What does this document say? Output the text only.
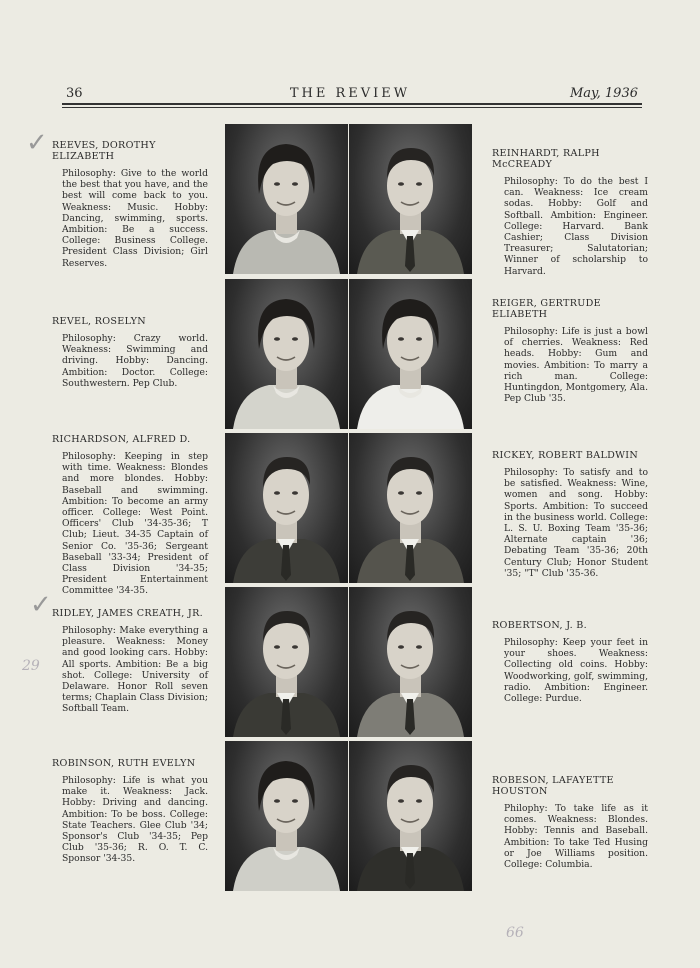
36	THE REVIEW	May, 1936
✓
✓
29
66
REEVES, DOROTHY ELIZABETH
Philosophy: Give to the world the best that you have, and the best will come back to you. Weakness: Music. Hobby: Dancing, swimming, sports. Ambition: Be a success. College: Business College. President Class Division; Girl Reserves.
REVEL, ROSELYN
Philosophy: Crazy world. Weakness: Swimming and driving. Hobby: Dancing. Ambition: Doctor. College: Southwestern. Pep Club.
RICHARDSON, ALFRED D.
Philosophy: Keeping in step with time. Weakness: Blondes and more blondes. Hobby: Baseball and swimming. Ambition: To become an army officer. College: West Point. Officers' Club '34-35-36; T Club; Lieut. 34-35 Captain of Senior Co. '35-36; Sergeant Baseball '33-34; President of Class Division '34-35; President Entertainment Committee '34-35.
RIDLEY, JAMES CREATH, JR.
Philosophy: Make everything a pleasure. Weakness: Money and good looking cars. Hobby: All sports. Ambition: Be a big shot. College: University of Delaware. Honor Roll seven terms; Chaplain Class Division; Softball Team.
ROBINSON, RUTH EVELYN
Philosophy: Life is what you make it. Weakness: Jack. Hobby: Driving and dancing. Ambition: To be boss. College: State Teachers. Glee Club '34; Sponsor's Club '34-35; Pep Club '35-36; R. O. T. C. Sponsor '34-35.
REINHARDT, RALPH McCREADY
Philosophy: To do the best I can. Weakness: Ice cream sodas. Hobby: Golf and Softball. Ambition: Engineer. College: Harvard. Bank Cashier; Class Division Treasurer; Salutatorian; Winner of scholarship to Harvard.
REIGER, GERTRUDE ELIABETH
Philosophy: Life is just a bowl of cherries. Weakness: Red heads. Hobby: Gum and movies. Ambition: To marry a rich man. College: Huntingdon, Montgomery, Ala. Pep Club '35.
RICKEY, ROBERT BALDWIN
Philosophy: To satisfy and to be satisfied. Weakness: Wine, women and song. Hobby: Sports. Ambition: To succeed in the business world. College: L. S. U. Boxing Team '35-36; Alternate captain '36; Debating Team '35-36; 20th Century Club; Honor Student '35; "T" Club '35-36.
ROBERTSON, J. B.
Philosophy: Keep your feet in your shoes. Weakness: Collecting old coins. Hobby: Woodworking, golf, swimming, radio. Ambition: Engineer. College: Purdue.
ROBESON, LAFAYETTE HOUSTON
Philophy: To take life as it comes. Weakness: Blondes. Hobby: Tennis and Baseball. Ambition: To take Ted Husing or Joe Williams position. College: Columbia.
